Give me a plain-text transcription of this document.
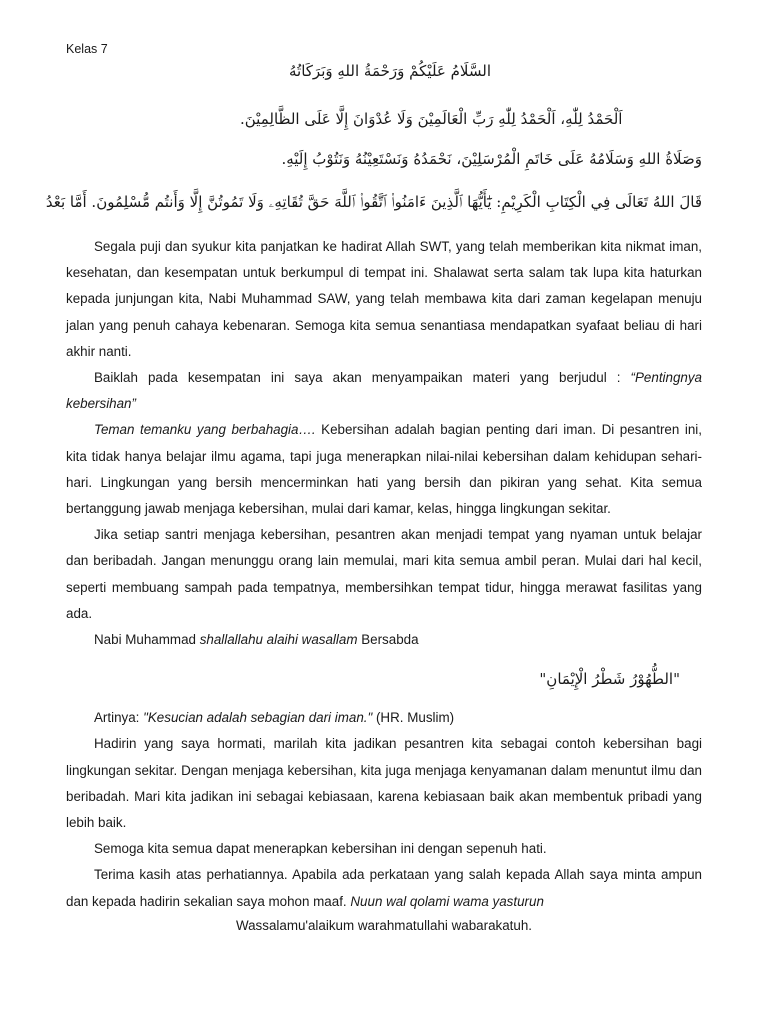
Kelas 7
السَّلَامُ عَلَيْكُمْ وَرَحْمَةُ اللهِ وَبَرَكَاتُهُ
اَلْحَمْدُ لِلّٰهِ، اَلْحَمْدُ لِلّٰهِ رَبِّ الْعَالَمِيْنَ وَلَا عُدْوَانَ إِلَّا عَلَى الظَّالِمِيْنَ.
وَصَلَاةُ اللهِ وَسَلَامُهُ عَلَى خَاتَمِ الْمُرْسَلِيْنَ، نَحْمَدُهُ وَنَسْتَعِيْنُهُ وَنَتُوْبُ إِلَيْهِ.
قَالَ اللهُ تَعَالَى فِي الْكِتَابِ الْكَرِيْمِ: يَٰٓأَيُّهَا ٱلَّذِينَ ءَامَنُوا۟ ٱتَّقُوا۟ ٱللَّهَ حَقَّ تُقَاتِهِۦ وَلَا تَمُوتُنَّ إِلَّا وَأَنتُم مُّسْلِمُونَ. أَمَّا بَعْدُ

Segala puji dan syukur kita panjatkan ke hadirat Allah SWT, yang telah memberikan kita nikmat iman, kesehatan, dan kesempatan untuk berkumpul di tempat ini. Shalawat serta salam tak lupa kita haturkan kepada junjungan kita, Nabi Muhammad SAW, yang telah membawa kita dari zaman kegelapan menuju jalan yang penuh cahaya kebenaran. Semoga kita semua senantiasa mendapatkan syafaat beliau di hari akhir nanti.

Baiklah pada kesempatan ini saya akan menyampaikan materi yang berjudul : “Pentingnya kebersihan”

Teman temanku yang berbahagia…. Kebersihan adalah bagian penting dari iman. Di pesantren ini, kita tidak hanya belajar ilmu agama, tapi juga menerapkan nilai-nilai kebersihan dalam kehidupan sehari-hari. Lingkungan yang bersih mencerminkan hati yang bersih dan pikiran yang sehat. Kita semua bertanggung jawab menjaga kebersihan, mulai dari kamar, kelas, hingga lingkungan sekitar.

Jika setiap santri menjaga kebersihan, pesantren akan menjadi tempat yang nyaman untuk belajar dan beribadah. Jangan menunggu orang lain memulai, mari kita semua ambil peran. Mulai dari hal kecil, seperti membuang sampah pada tempatnya, membersihkan tempat tidur, hingga merawat fasilitas yang ada.

Nabi Muhammad shallallahu alaihi wasallam Bersabda

Artinya: "Kesucian adalah sebagian dari iman." (HR. Muslim)

Hadirin yang saya hormati, marilah kita jadikan pesantren kita sebagai contoh kebersihan bagi lingkungan sekitar. Dengan menjaga kebersihan, kita juga menjaga kenyamanan dalam menuntut ilmu dan beribadah. Mari kita jadikan ini sebagai kebiasaan, karena kebiasaan baik akan membentuk pribadi yang lebih baik.

Semoga kita semua dapat menerapkan kebersihan ini dengan sepenuh hati.

Terima kasih atas perhatiannya. Apabila ada perkataan yang salah kepada Allah saya minta ampun dan kepada hadirin sekalian saya mohon maaf. Nuun wal qolami wama yasturun

"الطُّهُوْرُ شَطْرُ الْإِيْمَانِ"
Wassalamu'alaikum warahmatullahi wabarakatuh.
